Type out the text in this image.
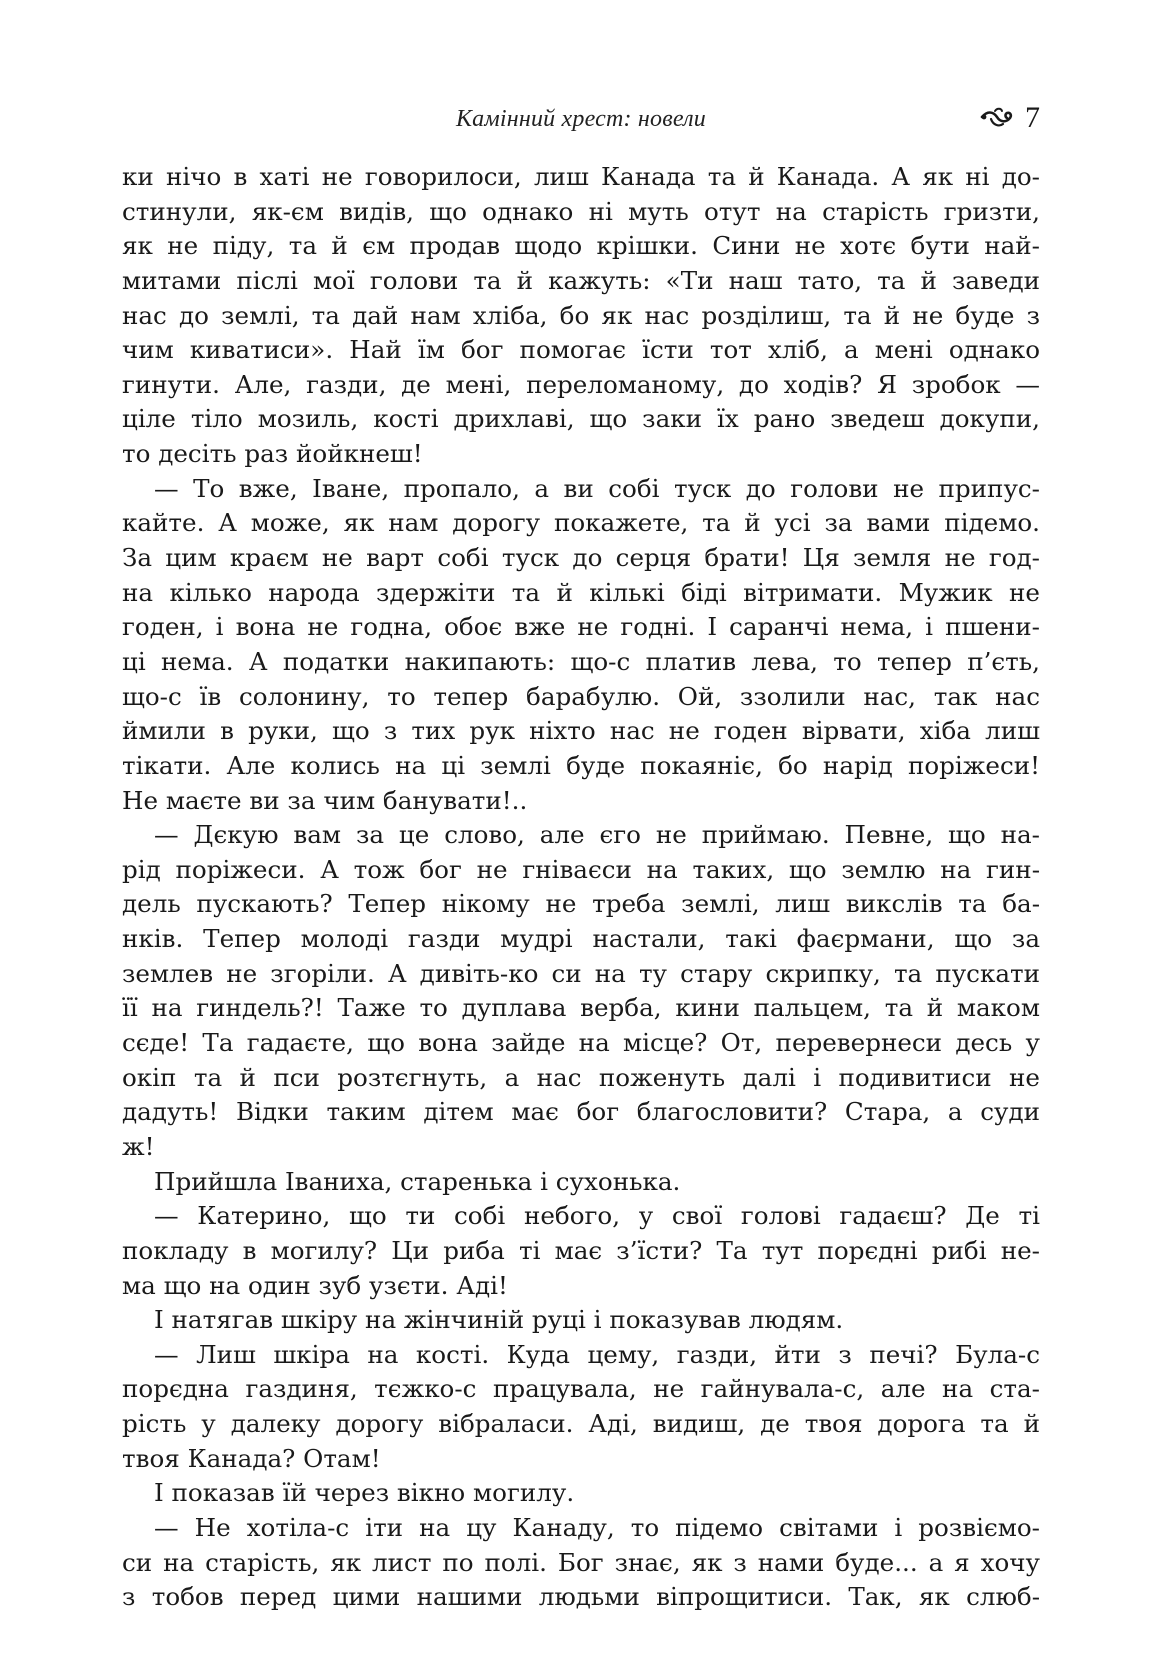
Камінний хрест: новели	7
ки нічо в хаті не говорилоси, лиш Канада та й Канада. А як ні до-
стинули, як-єм видів, що однако ні муть отут на старість гризти,
як не піду, та й єм продав щодо крішки. Сини не хотє бути най-
митами післі мої голови та й кажуть: «Ти наш тато, та й заведи
нас до землі, та дай нам хліба, бо як нас розділиш, та й не буде з
чим киватиси». Най їм бог помогає їсти тот хліб, а мені однако
гинути. Але, газди, де мені, переломаному, до ходів? Я зробок —
ціле тіло мозиль, кості дрихлаві, що заки їх рано зведеш докупи,
то десіть раз йойкнеш!
— То вже, Іване, пропало, а ви собі туск до голови не припус-
кайте. А може, як нам дорогу покажете, та й усі за вами підемо.
За цим краєм не варт собі туск до серця брати! Ця земля не год-
на кілько народа здержіти та й кількі біді вітримати. Мужик не
годен, і вона не годна, обоє вже не годні. І саранчі нема, і пшени-
ці нема. А податки накипають: що-с платив лева, то тепер п’єть,
що-с їв солонину, то тепер барабулю. Ой, ззолили нас, так нас
ймили в руки, що з тих рук ніхто нас не годен вірвати, хіба лиш
тікати. Але колись на ці землі буде покаяніє, бо нарід поріжеси!
Не маєте ви за чим банувати!..
— Дєкую вам за це слово, але єго не приймаю. Певне, що на-
рід поріжеси. А тож бог не гніваєси на таких, що землю на гин-
дель пускають? Тепер нікому не треба землі, лиш викслів та ба-
нків. Тепер молоді газди мудрі настали, такі фаєрмани, що за
землев не згоріли. А дивіть-ко си на ту стару скрипку, та пускати
її на гиндель?! Таже то дуплава верба, кини пальцем, та й маком
сєде! Та гадаєте, що вона зайде на місце? От, перевернеси десь у
окіп та й пси розтєгнуть, а нас поженуть далі і подивитиси не
дадуть! Відки таким дітем має бог благословити? Стара, а суди
ж!
Прийшла Іваниха, старенька і сухонька.
— Катерино, що ти собі небого, у свої голові гадаєш? Де ті
покладу в могилу? Ци риба ті має з’їсти? Та тут порєдні рибі не-
ма що на один зуб узєти. Аді!
І натягав шкіру на жінчиній руці і показував людям.
— Лиш шкіра на кості. Куда цему, газди, йти з печі? Була-с
порєдна газдиня, тєжко-с працувала, не гайнувала-с, але на ста-
рість у далеку дорогу вібралаcи. Аді, видиш, де твоя дорога та й
твоя Канада? Отам!
І показав їй через вікно могилу.
— Не хотіла-с іти на цу Канаду, то підемо світами і розвіємо-
си на старість, як лист по полі. Бог знає, як з нами буде... а я хочу
з тобов перед цими нашими людьми віпрощитиси. Так, як слюб-
